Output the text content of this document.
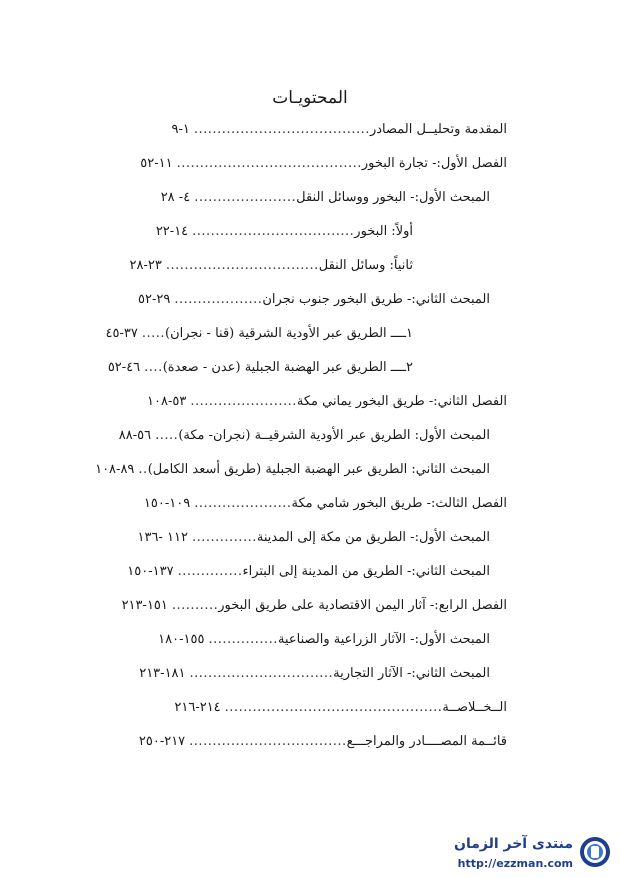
المحتويـات
المقدمة وتحليــل المصادر......................................١-٩
الفصل الأول:- تجارة البخور........................................١١-٥٢
المبحث الأول:- البخور ووسائل النقل......................٤- ٢٨
أولاً: البخور...................................١٤-٢٢
ثانياً: وسائل النقل.................................٢٣-٢٨
المبحث الثاني:- طريق البخور جنوب نجران...................٢٩-٥٢
١ــــ الطريق عبر الأودية الشرقية (قنا - نجران).....٣٧-٤٥
٢ــــ الطريق عبر الهضبة الجبلية (عدن - صعدة)....٤٦-٥٢
الفصل الثاني:- طريق البخور يماني مكة.......................٥٣-١٠٨
المبحث الأول: الطريق عبر الأودية الشرقيــة (نجران- مكة).....٥٦-٨٨
المبحث الثاني: الطريق عبر الهضبة الجبلية (طريق أسعد الكامل)..٨٩-١٠٨
الفصل الثالث:- طريق البخور شامي مكة.....................١٠٩-١٥٠
المبحث الأول:- الطريق من مكة إلى المدينة..............١١٢ -١٣٦
المبحث الثاني:- الطريق من المدينة إلى البتراء..............١٣٧-١٥٠
الفصل الرابع:- آثار اليمن الاقتصادية على طريق البخور..........١٥١-٢١٣
المبحث الأول:- الآثار الزراعية والصناعية...............١٥٥-١٨٠
المبحث الثاني:- الآثار التجارية...............................١٨١-٢١٣
الــخــلاصــة...............................................٢١٤-٢١٦
قائــمة المصــــادر والمراجـــع..................................٢١٧-٢٥٠
منتدى آخر الزمان
http://ezzman.com
